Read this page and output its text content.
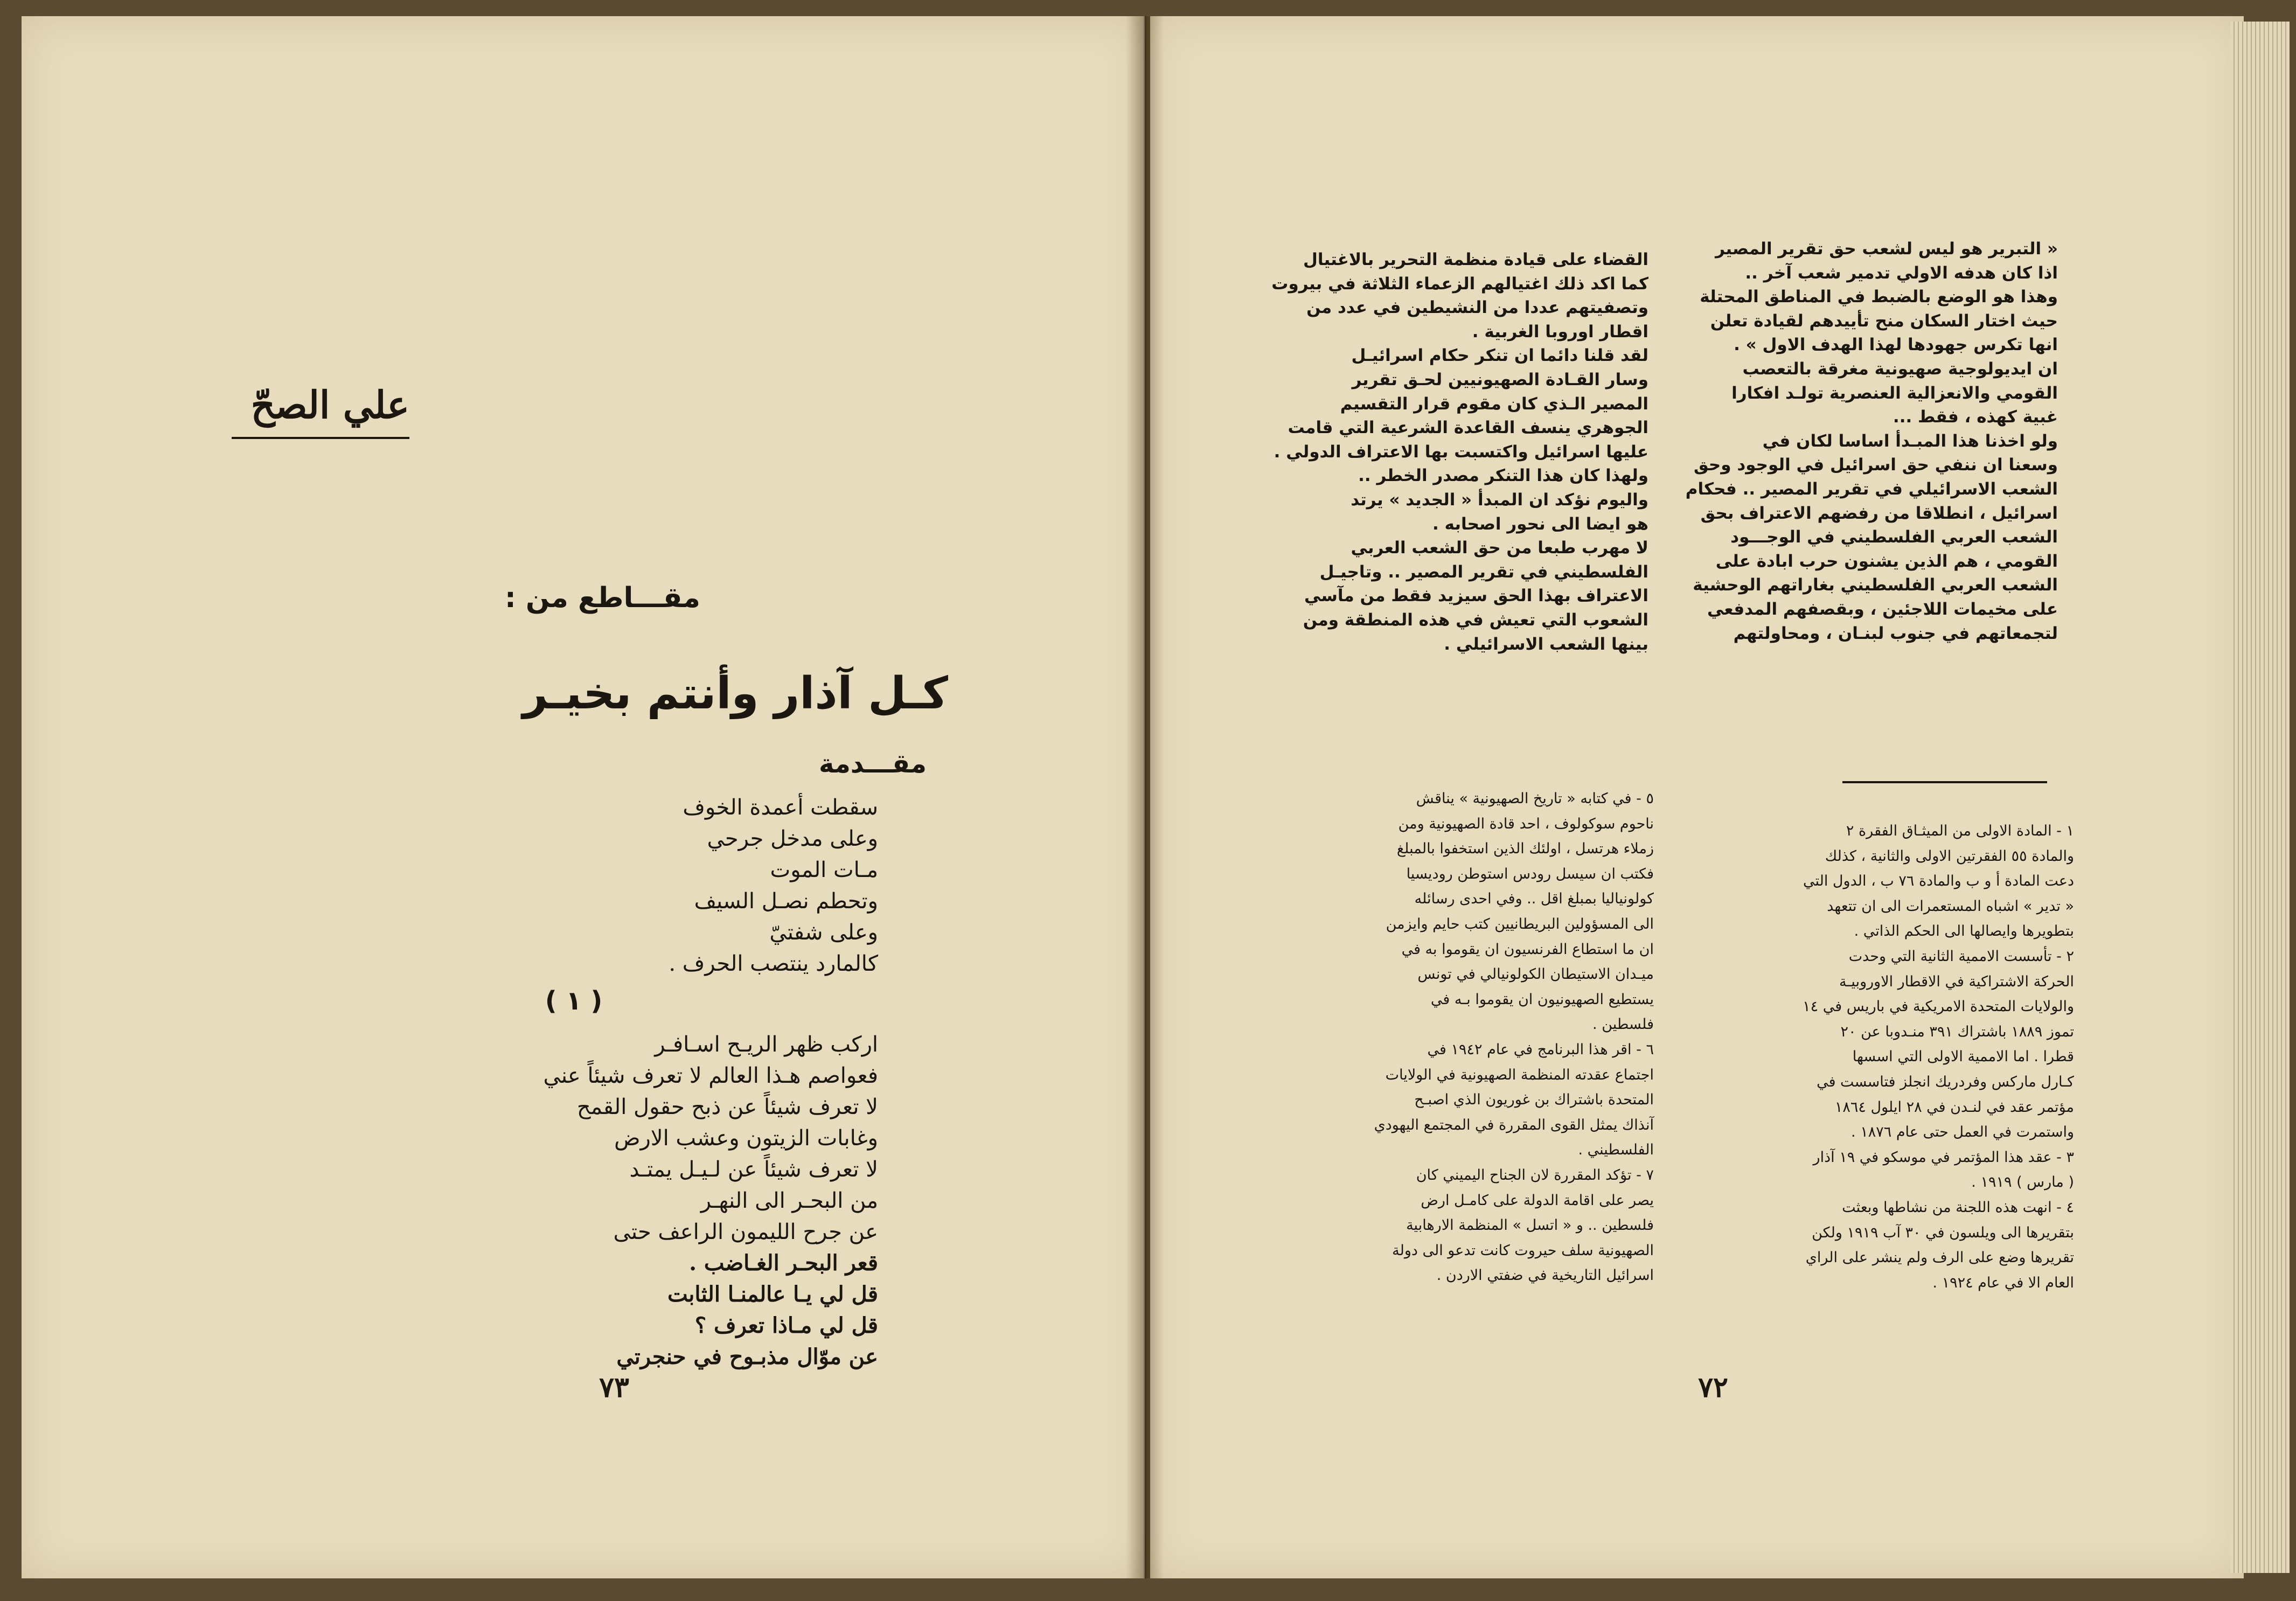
علي الصحّ
مقـــاطع من :
كـل آذار وأنتم بخيـر
مقـــدمة
سقطت أعمدة الخوف
وعلى مدخل جرحي
مـات الموت
وتحطم نصـل السيف
وعلى شفتيّ
كالمارد ينتصب الحرف .
( ١ )
اركب ظهر الريـح اسـافـر
فعواصم هـذا العالم لا تعرف شيئاً عني
لا تعرف شيئاً عن ذبح حقول القمح
وغابات الزيتون وعشب الارض
لا تعرف شيئاً عن لـيـل يمتـد
من البحـر الى النهـر
عن جرح الليمون الراعف حتى
قعر البحـر الغـاضب .
قل لي يـا عالمنـا الثابت
قل لي مـاذا تعرف ؟
عن موّال مذبـوح في حنجرتي
٧٣
« التبرير هو ليس لشعب حق تقرير المصير
اذا كان هدفه الاولي تدمير شعب آخر ..
وهذا هو الوضع بالضبط في المناطق المحتلة
حيث اختار السكان منح تأييدهم لقيادة تعلن
انها تكرس جهودها لهذا الهدف الاول » .
ان ايديولوجية صهيونية مغرقة بالتعصب
القومي والانعزالية العنصرية تولـد افكارا
غبية كهذه ، فقط ...
ولو اخذنا هذا المبـدأ اساسا لكان في
وسعنا ان ننفي حق اسرائيل في الوجود وحق
الشعب الاسرائيلي في تقرير المصير .. فحكام
اسرائيل ، انطلاقا من رفضهم الاعتراف بحق
الشعب العربي الفلسطيني في الوجـــود
القومي ، هم الذين يشنون حرب ابادة على
الشعب العربي الفلسطيني بغاراتهم الوحشية
على مخيمات اللاجئين ، وبقصفهم المدفعي
لتجمعاتهم في جنوب لبنـان ، ومحاولتهم
القضاء على قيادة منظمة التحرير بالاغتيال
كما اكد ذلك اغتيالهم الزعماء الثلاثة في بيروت
وتصفيتهم عددا من النشيطين في عدد من
اقطار اوروبا الغربية .
لقد قلنا دائما ان تنكر حكام اسرائيـل
وسار القـادة الصهيونيين لحـق تقرير
المصير الـذي كان مقوم قرار التقسيم
الجوهري ينسف القاعدة الشرعية التي قامت
عليها اسرائيل واكتسبت بها الاعتراف الدولي .
ولهذا كان هذا التنكر مصدر الخطر ..
واليوم نؤكد ان المبدأ « الجديد » يرتد
هو ايضا الى نحور اصحابه .
لا مهرب طبعا من حق الشعب العربي
الفلسطيني في تقرير المصير .. وتاجيـل
الاعتراف بهذا الحق سيزيد فقط من مآسي
الشعوب التي تعيش في هذه المنطقة ومن
بينها الشعب الاسرائيلي .
١ - المادة الاولى من الميثـاق الفقرة ٢
والمادة ٥٥ الفقرتين الاولى والثانية ، كذلك
دعت المادة أ و ب والمادة ٧٦ ب ، الدول التي
« تدير » اشباه المستعمرات الى ان تتعهد
بتطويرها وايصالها الى الحكم الذاتي .
٢ - تأسست الاممية الثانية التي وحدت
الحركة الاشتراكية في الاقطار الاوروبيـة
والولايات المتحدة الامريكية في باريس في ١٤
تموز ١٨٨٩ باشتراك ٣٩١ منـدوبا عن ٢٠
قطرا . اما الاممية الاولى التي اسسها
كـارل ماركس وفردريك انجلز فتاسست في
مؤتمر عقد في لنـدن في ٢٨ ايلول ١٨٦٤
واستمرت في العمل حتى عام ١٨٧٦ .
٣ - عقد هذا المؤتمر في موسكو في ١٩ آذار
( مارس ) ١٩١٩ .
٤ - انهت هذه اللجنة من نشاطها وبعثت
بتقريرها الى ويلسون في ٣٠ آب ١٩١٩ ولكن
تقريرها وضع على الرف ولم ينشر على الراي
العام الا في عام ١٩٢٤ .
٥ - في كتابه « تاريخ الصهيونية » يناقش
ناحوم سوكولوف ، احد قادة الصهيونية ومن
زملاء هرتسل ، اولئك الذين استخفوا بالمبلغ
فكتب ان سيسل رودس استوطن روديسيا
كولونياليا بمبلغ اقل .. وفي احدى رسائله
الى المسؤولين البريطانيين كتب حايم وايزمن
ان ما استطاع الفرنسيون ان يقوموا به في
ميـدان الاستيطان الكولونيالي في تونس
يستطيع الصهيونيون ان يقوموا بـه في
فلسطين .
٦ - اقر هذا البرنامج في عام ١٩٤٢ في
اجتماع عقدته المنظمة الصهيونية في الولايات
المتحدة باشتراك بن غوريون الذي اصبـح
آنذاك يمثل القوى المقررة في المجتمع اليهودي
الفلسطيني .
٧ - تؤكد المقررة لان الجناح اليميني كان
يصر على اقامة الدولة على كامـل ارض
فلسطين .. و « اتسل » المنظمة الارهابية
الصهيونية سلف حيروت كانت تدعو الى دولة
اسرائيل التاريخية في ضفتي الاردن .
٧٢
